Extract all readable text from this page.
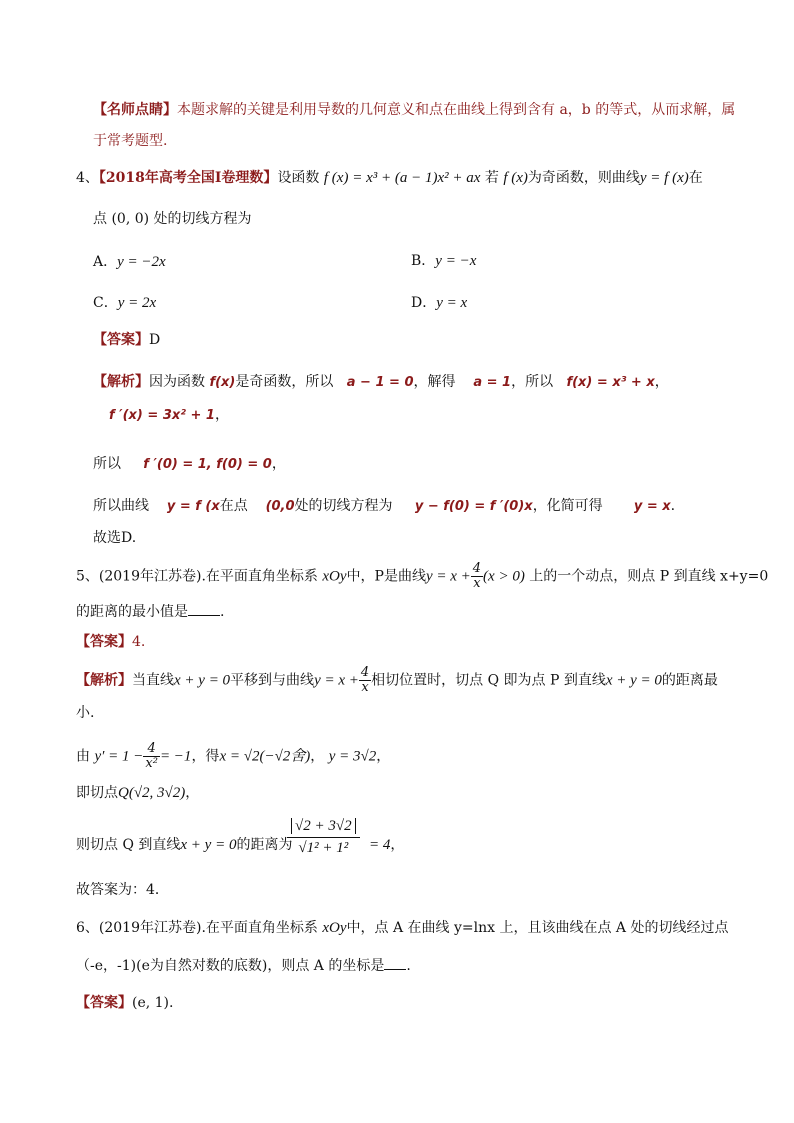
【名师点睛】本题求解的关键是利用导数的几何意义和点在曲线上得到含有 a，b 的等式，从而求解，属
于常考题型.
4、【2018年高考全国Ⅰ卷理数】设函数 f (x) = x³ + (a − 1)x² + ax 若 f (x)为奇函数，则曲线y = f (x)在
点 (0, 0) 处的切线方程为
A．y = −2x	B．y = −x
C．y = 2x	D．y = x
【答案】D
【解析】因为函数 f(x)是奇函数，所以 a − 1 = 0，解得 a = 1，所以 f(x) = x³ + x，
f ′(x) = 3x² + 1，
所以 f ′(0) = 1, f(0) = 0，
所以曲线 y = f (x在点 (0,0处的切线方程为 y − f(0) = f ′(0)x，化简可得 y = x.
故选D.
5、(2019年江苏卷).在平面直角坐标系 xOy中，P是曲线$y = x + \frac{4}{x} (x > 0)$ 上的一个动点，则点 P 到直线 x+y=0
的距离的最小值是 .
【答案】4.
【解析】当直线x + y = 0平移到与曲线$y = x + \frac{4}{x}$ 相切位置时，切点 Q 即为点 P 到直线x + y = 0的距离最
小.
由 $y' = 1 - \frac{4}{\text{x²}} = -1$，得x = √2(−√2舍)， y = 3√2，
即切点Q(√2, 3√2)，
则切点 Q 到直线x + y = 0的距离为
$\frac{√2 + 3√2}{\text{√1² + 1²}} = 4$，
故答案为：4．
6、(2019年江苏卷).在平面直角坐标系 xOy中，点 A 在曲线 y=lnx 上，且该曲线在点 A 处的切线经过点
（-e，-1)(e为自然对数的底数)，则点 A 的坐标是 .
【答案】(e, 1).
